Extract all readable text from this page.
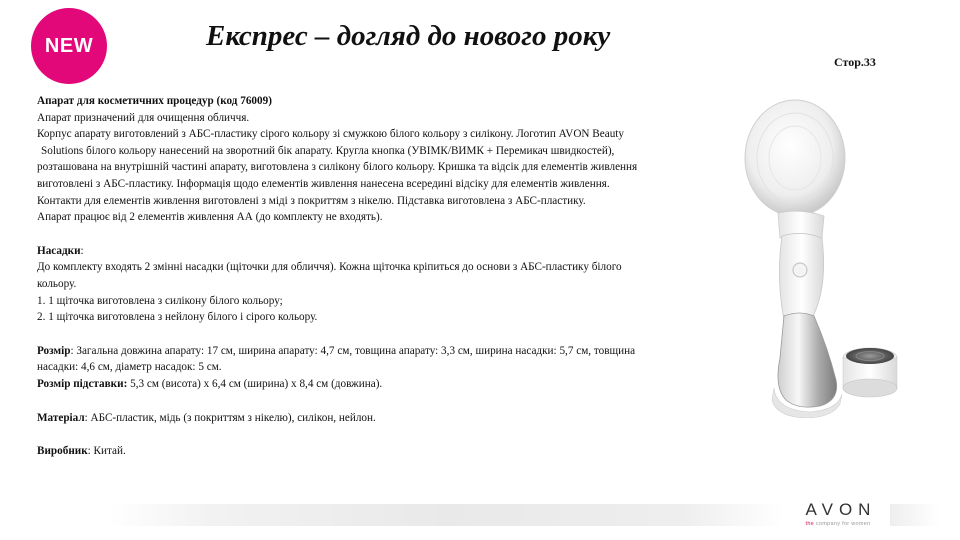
NEW	Експрес – догляд до нового року
Стор.33

Апарат для косметичних процедур (код 76009)

Апарат призначений для очищення обличчя.

Корпус апарату виготовлений з АБС-пластику сірого кольору зі смужкою білого кольору з силікону. Логотип AVON Beauty

Solutions білого кольору нанесений на зворотний бік апарату. Кругла кнопка (УВІМК/ВИМК + Перемикач швидкостей),

розташована на внутрішній частині апарату, виготовлена з силікону білого кольору. Кришка та відсік для елементів живлення

виготовлені з АБС-пластику. Інформація щодо елементів живлення нанесена всередині відсіку для елементів живлення.

Контакти для елементів живлення виготовлені з міді з покриттям з нікелю. Підставка виготовлена з АБС-пластику.

Апарат працює від 2 елементів живлення АА (до комплекту не входять).

Насадки:

До комплекту входять 2 змінні насадки (щіточки для обличчя). Кожна щіточка кріпиться до основи з АБС-пластику білого

кольору.

1. 1 щіточка виготовлена з силікону білого кольору;

2. 1 щіточка виготовлена з нейлону білого і сірого кольору.

Розмір: Загальна довжина апарату: 17 см, ширина апарату: 4,7 см, товщина апарату: 3,3 см, ширина насадки: 5,7 см, товщина

насадки: 4,6 см, діаметр насадок: 5 см.

Розмір підставки: 5,3 см (висота) х 6,4 см (ширина) х 8,4 см (довжина).

Матеріал: АБС-пластик, мідь (з покриттям з нікелю), силікон, нейлон.

Виробник: Китай.

AVON
the company for women
